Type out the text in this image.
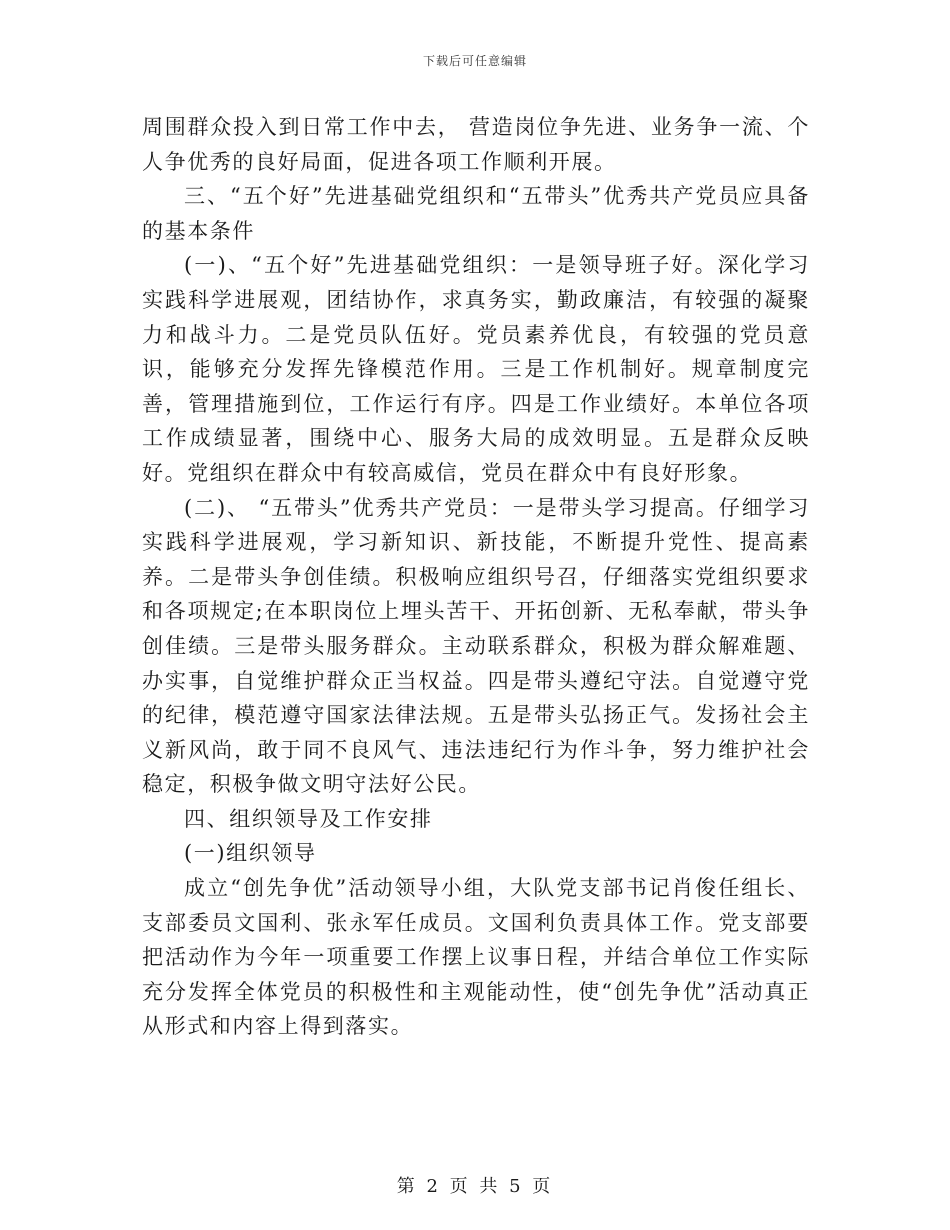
下载后可任意编辑

周围群众投入到日常工作中去， 营造岗位争先进、业务争一流、个人争优秀的良好局面，促进各项工作顺利开展。

三、“五个好”先进基础党组织和“五带头”优秀共产党员应具备的基本条件

(一)、“五个好”先进基础党组织：一是领导班子好。深化学习实践科学进展观，团结协作，求真务实，勤政廉洁，有较强的凝聚力和战斗力。二是党员队伍好。党员素养优良，有较强的党员意识，能够充分发挥先锋模范作用。三是工作机制好。规章制度完善，管理措施到位，工作运行有序。四是工作业绩好。本单位各项工作成绩显著，围绕中心、服务大局的成效明显。五是群众反映好。党组织在群众中有较高威信，党员在群众中有良好形象。

(二)、 “五带头”优秀共产党员：一是带头学习提高。仔细学习实践科学进展观，学习新知识、新技能，不断提升党性、提高素养。二是带头争创佳绩。积极响应组织号召，仔细落实党组织要求和各项规定;在本职岗位上埋头苦干、开拓创新、无私奉献，带头争创佳绩。三是带头服务群众。主动联系群众，积极为群众解难题、办实事，自觉维护群众正当权益。四是带头遵纪守法。自觉遵守党的纪律，模范遵守国家法律法规。五是带头弘扬正气。发扬社会主义新风尚，敢于同不良风气、违法违纪行为作斗争，努力维护社会稳定，积极争做文明守法好公民。

四、组织领导及工作安排

(一)组织领导

成立“创先争优”活动领导小组，大队党支部书记肖俊任组长、支部委员文国利、张永军任成员。文国利负责具体工作。党支部要把活动作为今年一项重要工作摆上议事日程，并结合单位工作实际充分发挥全体党员的积极性和主观能动性，使“创先争优”活动真正从形式和内容上得到落实。

第 2 页 共 5 页
